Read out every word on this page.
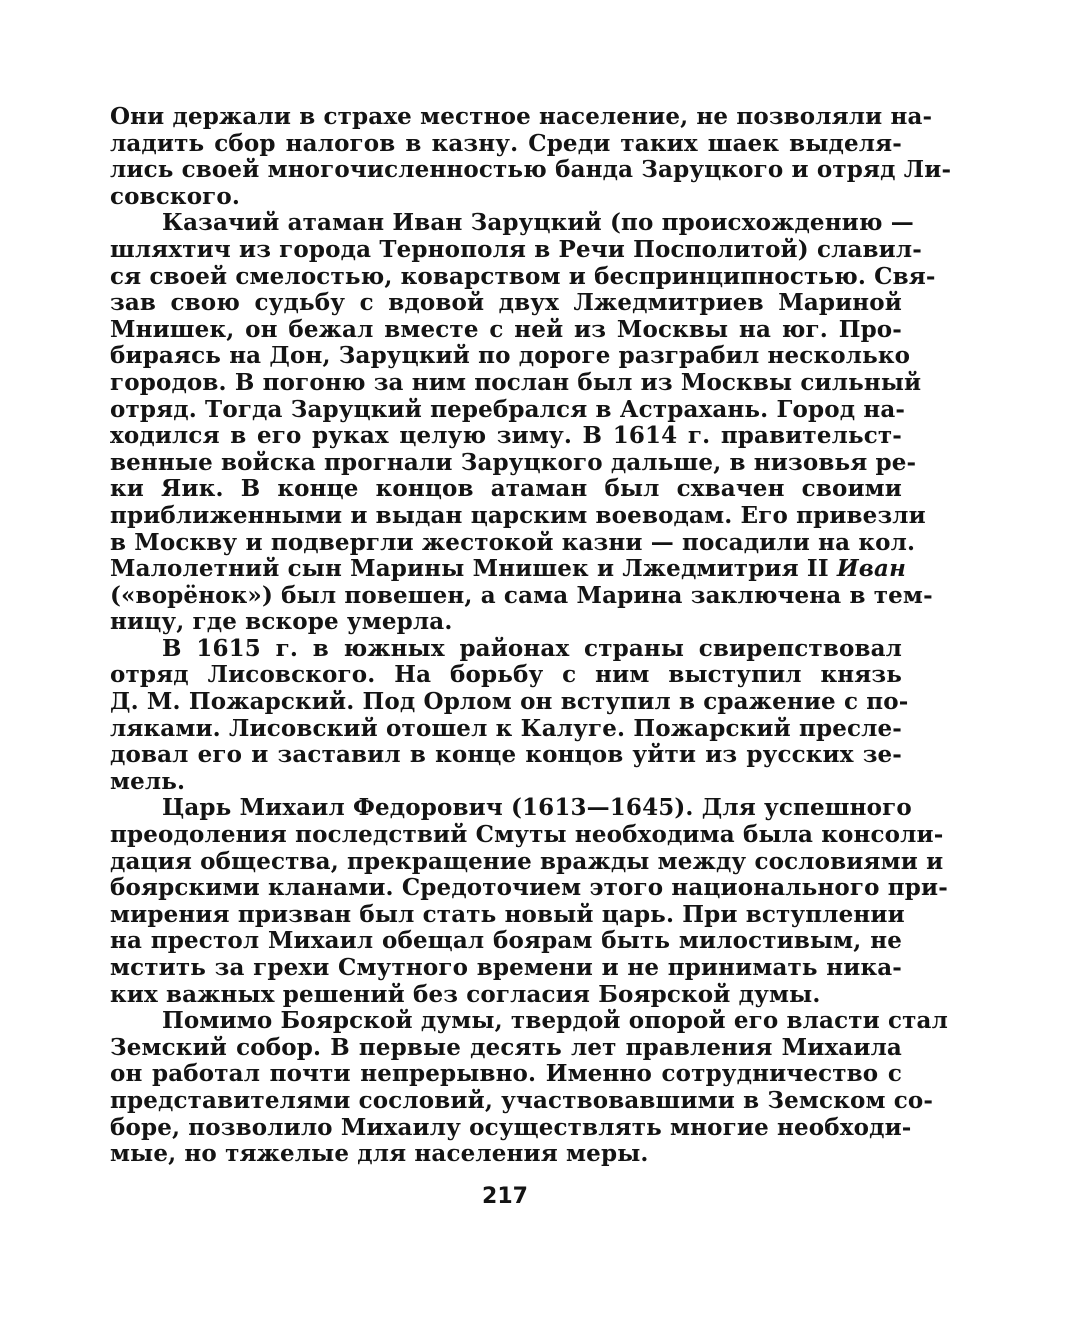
Они держали в страхе местное население, не позволяли на-
ладить сбор налогов в казну. Среди таких шаек выделя-
лись своей многочисленностью банда Заруцкого и отряд Ли-
совского.
Казачий атаман Иван Заруцкий (по происхождению —
шляхтич из города Тернополя в Речи Посполитой) славил-
ся своей смелостью, коварством и беспринципностью. Свя-
зав свою судьбу с вдовой двух Лжедмитриев Мариной
Мнишек, он бежал вместе с ней из Москвы на юг. Про-
бираясь на Дон, Заруцкий по дороге разграбил несколько
городов. В погоню за ним послан был из Москвы сильный
отряд. Тогда Заруцкий перебрался в Астрахань. Город на-
ходился в его руках целую зиму. В 1614 г. правительст-
венные войска прогнали Заруцкого дальше, в низовья ре-
ки Яик. В конце концов атаман был схвачен своими
приближенными и выдан царским воеводам. Его привезли
в Москву и подвергли жестокой казни — посадили на кол.
Малолетний сын Марины Мнишек и Лжедмитрия II Иван
(«ворёнок») был повешен, а сама Марина заключена в тем-
ницу, где вскоре умерла.
В 1615 г. в южных районах страны свирепствовал
отряд Лисовского. На борьбу с ним выступил князь
Д. М. Пожарский. Под Орлом он вступил в сражение с по-
ляками. Лисовский отошел к Калуге. Пожарский пресле-
довал его и заставил в конце концов уйти из русских зе-
мель.
Царь Михаил Федорович (1613—1645). Для успешного
преодоления последствий Смуты необходима была консоли-
дация общества, прекращение вражды между сословиями и
боярскими кланами. Средоточием этого национального при-
мирения призван был стать новый царь. При вступлении
на престол Михаил обещал боярам быть милостивым, не
мстить за грехи Смутного времени и не принимать ника-
ких важных решений без согласия Боярской думы.
Помимо Боярской думы, твердой опорой его власти стал
Земский собор. В первые десять лет правления Михаила
он работал почти непрерывно. Именно сотрудничество с
представителями сословий, участвовавшими в Земском со-
боре, позволило Михаилу осуществлять многие необходи-
мые, но тяжелые для населения меры.
217
